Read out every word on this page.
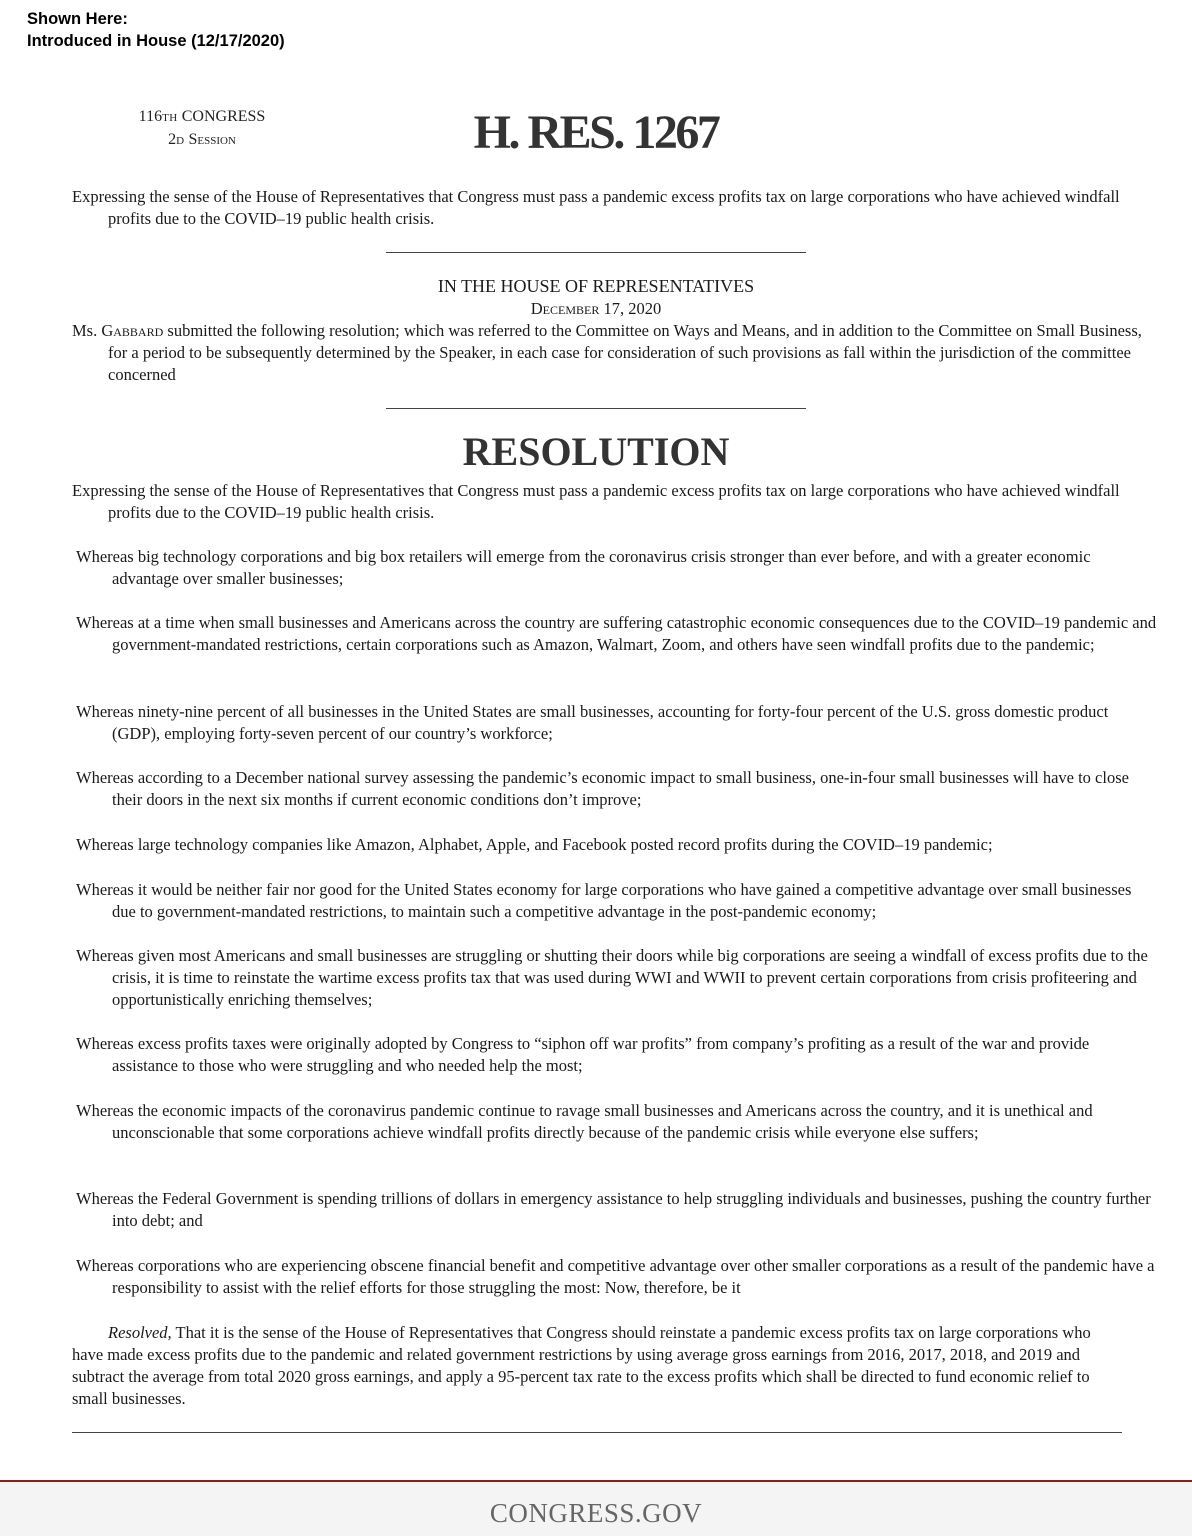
Shown Here:
Introduced in House (12/17/2020)
116TH CONGRESS
2D Session	H. RES. 1267
Expressing the sense of the House of Representatives that Congress must pass a pandemic excess profits tax on large corporations who have achieved windfall profits due to the COVID–19 public health crisis.
IN THE HOUSE OF REPRESENTATIVES
December 17, 2020
Ms. Gabbard submitted the following resolution; which was referred to the Committee on Ways and Means, and in addition to the Committee on Small Business, for a period to be subsequently determined by the Speaker, in each case for consideration of such provisions as fall within the jurisdiction of the committee concerned
RESOLUTION
Expressing the sense of the House of Representatives that Congress must pass a pandemic excess profits tax on large corporations who have achieved windfall profits due to the COVID–19 public health crisis.
Whereas big technology corporations and big box retailers will emerge from the coronavirus crisis stronger than ever before, and with a greater economic advantage over smaller businesses;
Whereas at a time when small businesses and Americans across the country are suffering catastrophic economic consequences due to the COVID–19 pandemic and government-mandated restrictions, certain corporations such as Amazon, Walmart, Zoom, and others have seen windfall profits due to the pandemic;
Whereas ninety-nine percent of all businesses in the United States are small businesses, accounting for forty-four percent of the U.S. gross domestic product (GDP), employing forty-seven percent of our country’s workforce;
Whereas according to a December national survey assessing the pandemic’s economic impact to small business, one-in-four small businesses will have to close their doors in the next six months if current economic conditions don’t improve;
Whereas large technology companies like Amazon, Alphabet, Apple, and Facebook posted record profits during the COVID–19 pandemic;
Whereas it would be neither fair nor good for the United States economy for large corporations who have gained a competitive advantage over small businesses due to government-mandated restrictions, to maintain such a competitive advantage in the post-pandemic economy;
Whereas given most Americans and small businesses are struggling or shutting their doors while big corporations are seeing a windfall of excess profits due to the crisis, it is time to reinstate the wartime excess profits tax that was used during WWI and WWII to prevent certain corporations from crisis profiteering and opportunistically enriching themselves;
Whereas excess profits taxes were originally adopted by Congress to “siphon off war profits” from company’s profiting as a result of the war and provide assistance to those who were struggling and who needed help the most;
Whereas the economic impacts of the coronavirus pandemic continue to ravage small businesses and Americans across the country, and it is unethical and unconscionable that some corporations achieve windfall profits directly because of the pandemic crisis while everyone else suffers;
Whereas the Federal Government is spending trillions of dollars in emergency assistance to help struggling individuals and businesses, pushing the country further into debt; and
Whereas corporations who are experiencing obscene financial benefit and competitive advantage over other smaller corporations as a result of the pandemic have a responsibility to assist with the relief efforts for those struggling the most: Now, therefore, be it
Resolved, That it is the sense of the House of Representatives that Congress should reinstate a pandemic excess profits tax on large corporations who have made excess profits due to the pandemic and related government restrictions by using average gross earnings from 2016, 2017, 2018, and 2019 and subtract the average from total 2020 gross earnings, and apply a 95-percent tax rate to the excess profits which shall be directed to fund economic relief to small businesses.
CONGRESS.GOV
